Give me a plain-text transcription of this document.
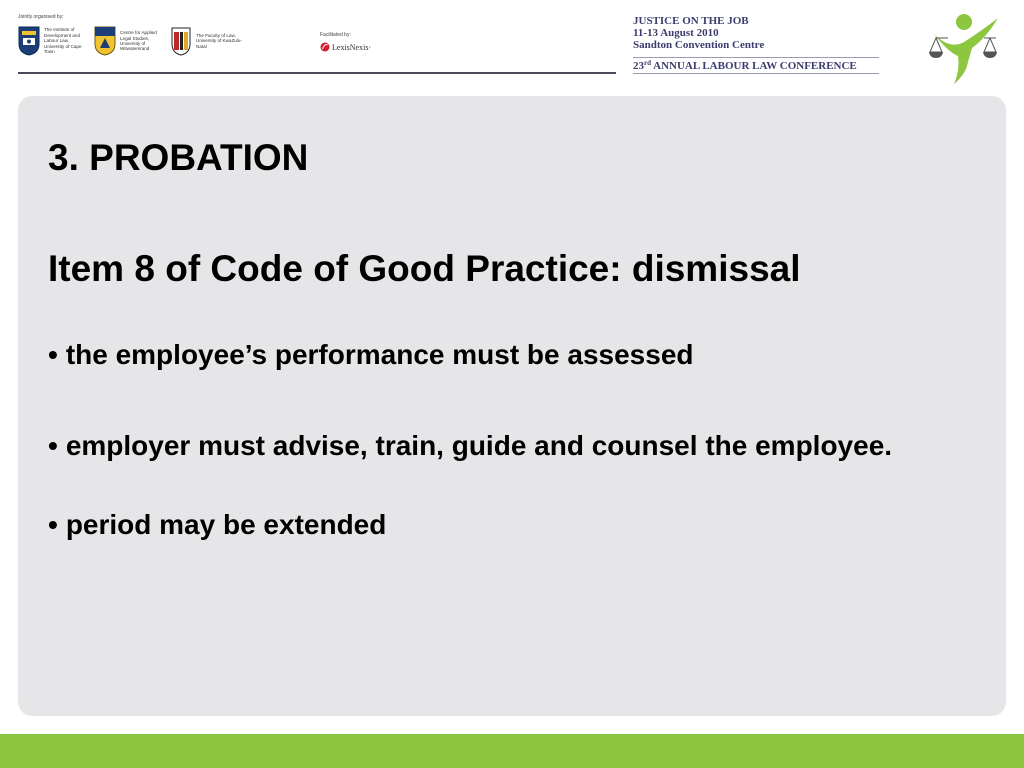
Jointly organised by:
The Institute of Development and Labour Law, University of Cape Town
Centre for Applied Legal Studies, University of Witwatersrand
The Faculty of Law, University of KwaZulu-Natal
Facilitated by:
LexisNexis·
JUSTICE ON THE JOB
11-13 August 2010
Sandton Convention Centre
23rd ANNUAL LABOUR LAW CONFERENCE
3. PROBATION
Item 8 of Code of Good Practice: dismissal
• the employee’s performance must be assessed
• employer must advise, train, guide and counsel the employee.
• period may be extended
